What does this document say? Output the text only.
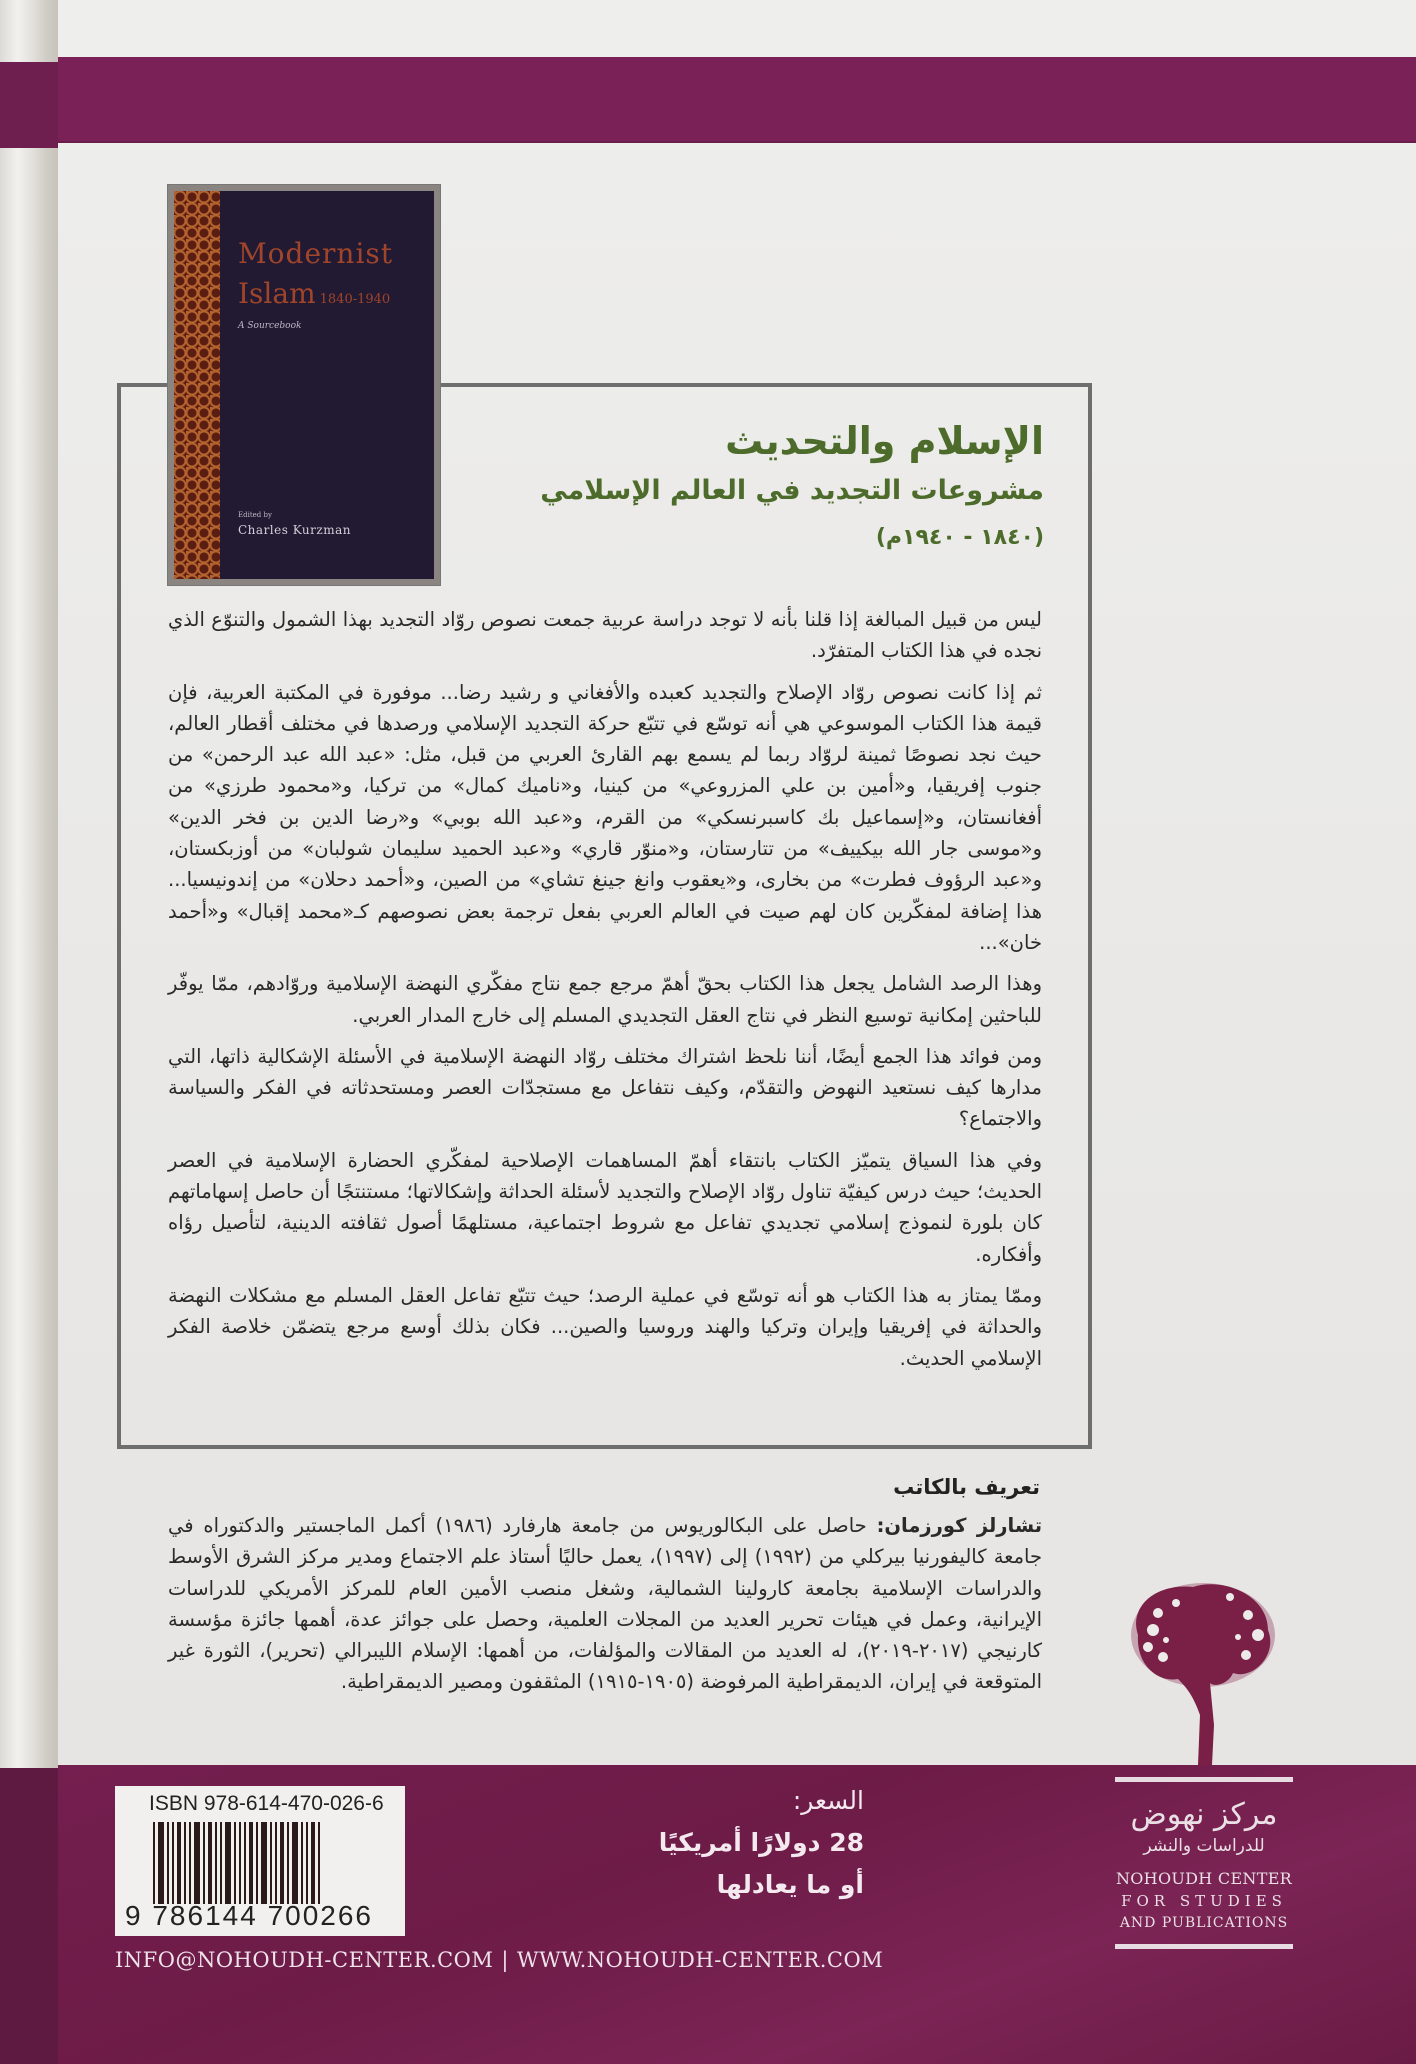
Modernist
Islam 1840-1940
A Sourcebook
Edited by
Charles Kurzman
الإسلام والتحديث
مشروعات التجديد في العالم الإسلامي
(١٨٤٠ - ١٩٤٠م)

ليس من قبيل المبالغة إذا قلنا بأنه لا توجد دراسة عربية جمعت نصوص روّاد التجديد بهذا الشمول والتنوّع الذي نجده في هذا الكتاب المتفرّد.

ثم إذا كانت نصوص روّاد الإصلاح والتجديد كعبده والأفغاني و رشيد رضا... موفورة في المكتبة العربية، فإن قيمة هذا الكتاب الموسوعي هي أنه توسّع في تتبّع حركة التجديد الإسلامي ورصدها في مختلف أقطار العالم، حيث نجد نصوصًا ثمينة لروّاد ربما لم يسمع بهم القارئ العربي من قبل، مثل: «عبد الله عبد الرحمن» من جنوب إفريقيا، و«أمين بن علي المزروعي» من كينيا، و«ناميك كمال» من تركيا، و«محمود طرزي» من أفغانستان، و«إسماعيل بك كاسبرنسكي» من القرم، و«عبد الله بوبي» و«رضا الدين بن فخر الدين» و«موسى جار الله بيكييف» من تتارستان، و«منوّر قاري» و«عبد الحميد سليمان شولبان» من أوزبكستان، و«عبد الرؤوف فطرت» من بخارى، و«يعقوب وانغ جينغ تشاي» من الصين، و«أحمد دحلان» من إندونيسيا... هذا إضافة لمفكّرين كان لهم صيت في العالم العربي بفعل ترجمة بعض نصوصهم كـ«محمد إقبال» و«أحمد خان»...

وهذا الرصد الشامل يجعل هذا الكتاب بحقّ أهمّ مرجع جمع نتاج مفكّري النهضة الإسلامية وروّادهم، ممّا يوفّر للباحثين إمكانية توسيع النظر في نتاج العقل التجديدي المسلم إلى خارج المدار العربي.

ومن فوائد هذا الجمع أيضًا، أننا نلحظ اشتراك مختلف روّاد النهضة الإسلامية في الأسئلة الإشكالية ذاتها، التي مدارها كيف نستعيد النهوض والتقدّم، وكيف نتفاعل مع مستجدّات العصر ومستحدثاته في الفكر والسياسة والاجتماع؟

وفي هذا السياق يتميّز الكتاب بانتقاء أهمّ المساهمات الإصلاحية لمفكّري الحضارة الإسلامية في العصر الحديث؛ حيث درس كيفيّة تناول روّاد الإصلاح والتجديد لأسئلة الحداثة وإشكالاتها؛ مستنتجًا أن حاصل إسهاماتهم كان بلورة لنموذج إسلامي تجديدي تفاعل مع شروط اجتماعية، مستلهمًا أصول ثقافته الدينية، لتأصيل رؤاه وأفكاره.

وممّا يمتاز به هذا الكتاب هو أنه توسّع في عملية الرصد؛ حيث تتبّع تفاعل العقل المسلم مع مشكلات النهضة والحداثة في إفريقيا وإيران وتركيا والهند وروسيا والصين... فكان بذلك أوسع مرجع يتضمّن خلاصة الفكر الإسلامي الحديث.

تعريف بالكاتب

تشارلز كورزمان: حاصل على البكالوريوس من جامعة هارفارد (١٩٨٦) أكمل الماجستير والدكتوراه في جامعة كاليفورنيا بيركلي من (١٩٩٢) إلى (١٩٩٧)، يعمل حاليًا أستاذ علم الاجتماع ومدير مركز الشرق الأوسط والدراسات الإسلامية بجامعة كارولينا الشمالية، وشغل منصب الأمين العام للمركز الأمريكي للدراسات الإيرانية، وعمل في هيئات تحرير العديد من المجلات العلمية، وحصل على جوائز عدة، أهمها جائزة مؤسسة كارنيجي (٢٠١٧-٢٠١٩)، له العديد من المقالات والمؤلفات، من أهمها: الإسلام الليبرالي (تحرير)، الثورة غير المتوقعة في إيران، الديمقراطية المرفوضة (١٩٠٥-١٩١٥) المثقفون ومصير الديمقراطية.

ISBN 978-614-470-026-6
9 786144 700266
السعر:
28 دولارًا أمريكيًا
أو ما يعادلها
INFO@NOHOUDH-CENTER.COM | WWW.NOHOUDH-CENTER.COM
مركز نهوض
للدراسات والنشر
NOHOUDH CENTER
FOR STUDIES
AND PUBLICATIONS
